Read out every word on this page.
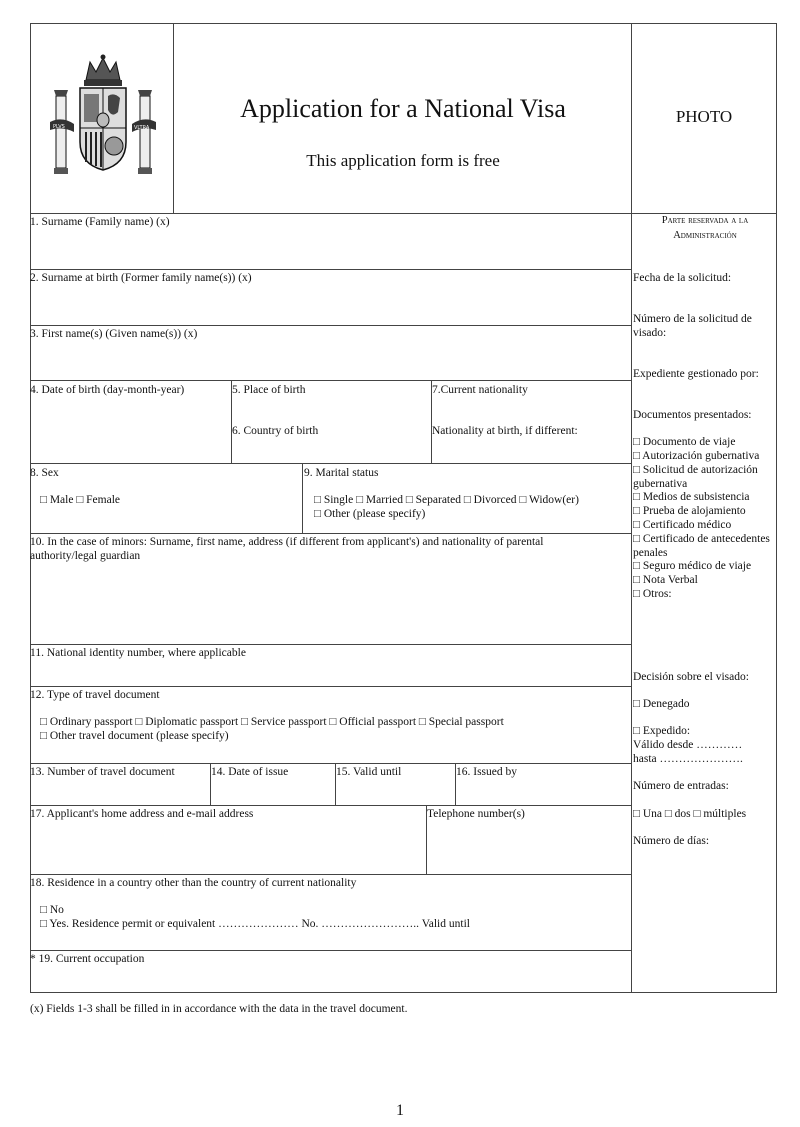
PLVS	VLTRA
Application for a National Visa
This application form is free
PHOTO
1. Surname (Family name) (x)
2. Surname at birth (Former family name(s)) (x)
3. First name(s) (Given name(s)) (x)
4. Date of birth (day-month-year)	5. Place of birth
6. Country of birth
7.Current nationality
Nationality at birth, if different:
8. Sex
□ Male □ Female
9. Marital status
□ Single □ Married □ Separated □ Divorced □ Widow(er)
□ Other (please specify)
10. In the case of minors: Surname, first name, address (if different from applicant's) and nationality of parental authority/legal guardian
11. National identity number, where applicable
12. Type of travel document
□ Ordinary passport □ Diplomatic passport □ Service passport □ Official passport □ Special passport
□ Other travel document (please specify)
13. Number of travel document	14. Date of issue	15. Valid until	16. Issued by
17. Applicant's home address and e-mail address	Telephone number(s)
18. Residence in a country other than the country of current nationality
□ No
□ Yes. Residence permit or equivalent ………………… No. …………………….. Valid until
* 19. Current occupation
Parte reservada a la
Administración
Fecha de la solicitud:
Número de la solicitud de visado:
Expediente gestionado por:
Documentos presentados:
□ Documento de viaje
□ Autorización gubernativa
□ Solicitud de autorización gubernativa
□ Medios de subsistencia
□ Prueba de alojamiento
□ Certificado médico
□ Certificado de antecedentes penales
□ Seguro médico de viaje
□ Nota Verbal
□ Otros:
Decisión sobre el visado:
□ Denegado
□ Expedido:
Válido desde …………
hasta ………………….
Número de entradas:
□ Una □ dos □ múltiples
Número de días:
(x) Fields 1-3 shall be filled in in accordance with the data in the travel document.
1
